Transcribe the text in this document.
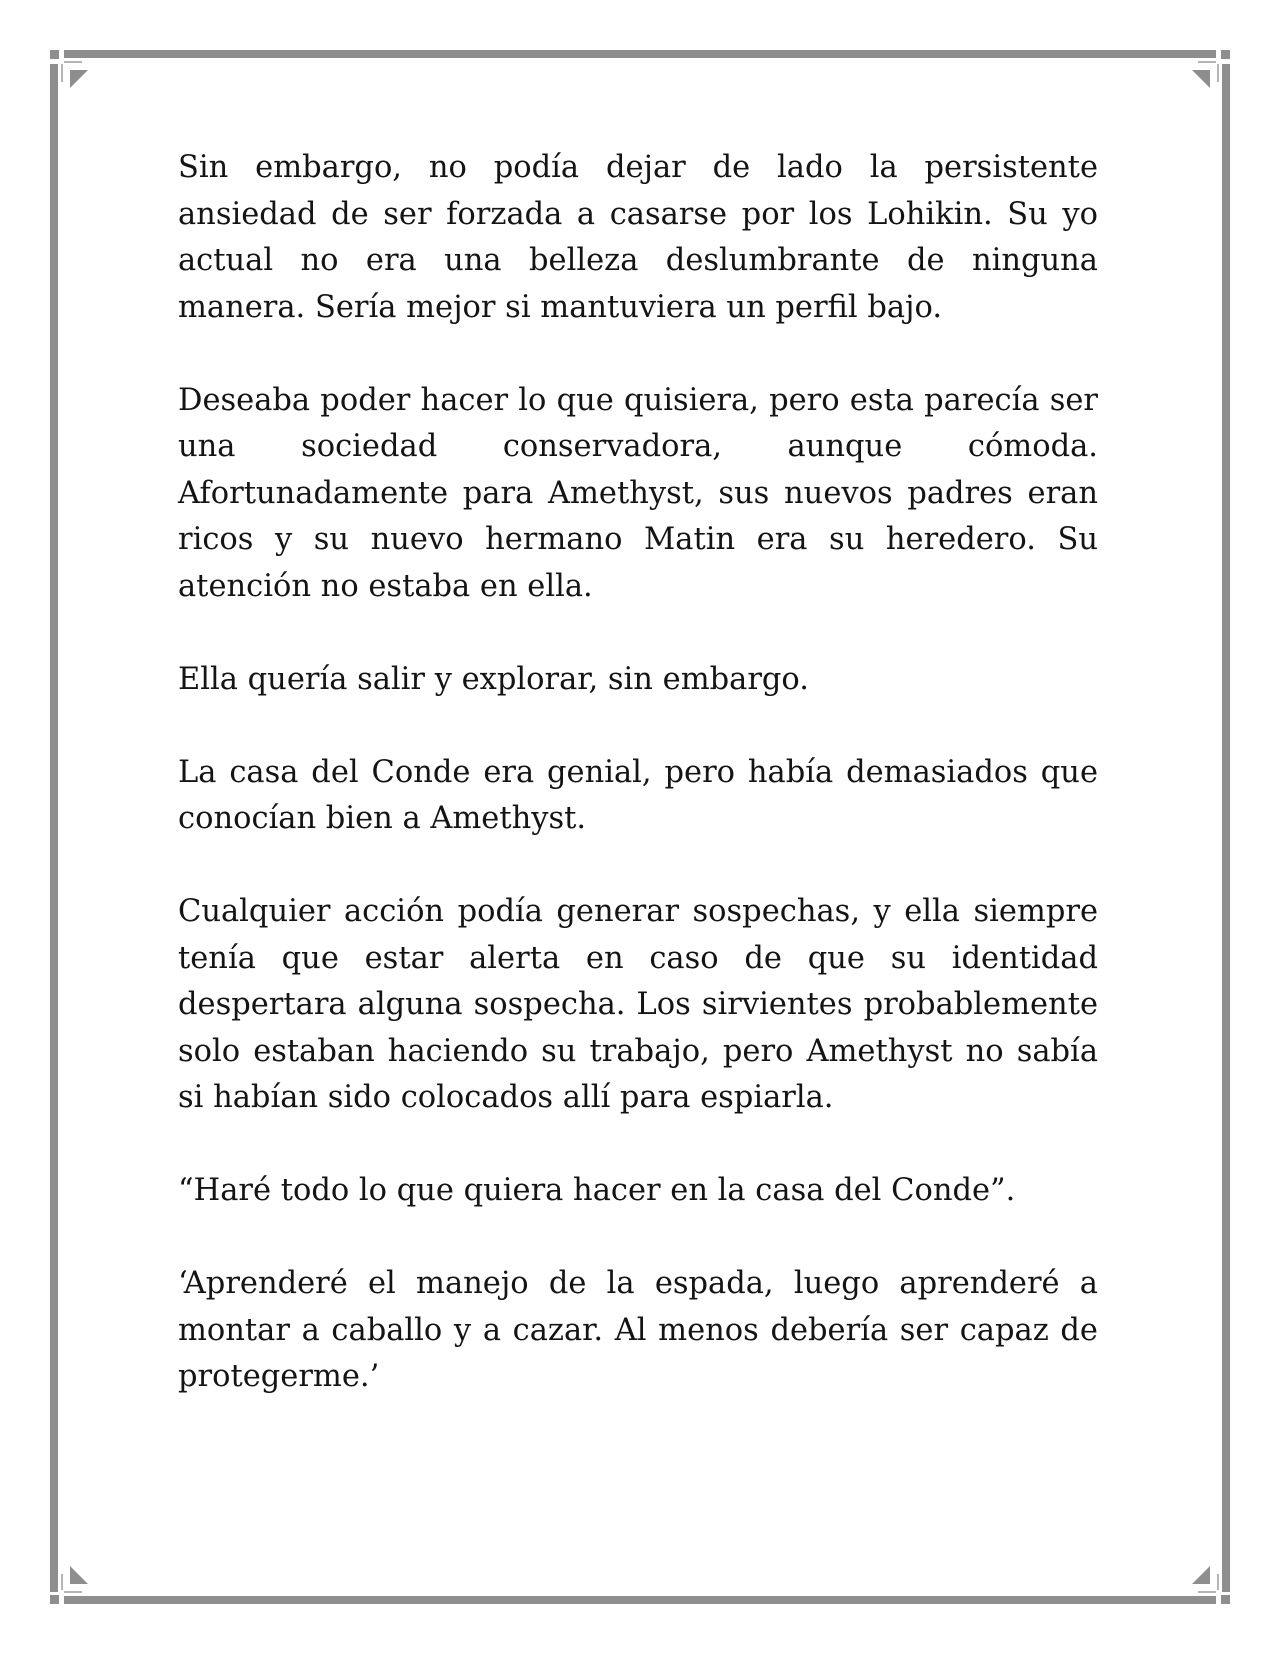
Sin embargo, no podía dejar de lado la persistente ansiedad de ser forzada a casarse por los Lohikin. Su yo actual no era una belleza deslumbrante de ninguna manera. Sería mejor si mantuviera un perfil bajo.

Deseaba poder hacer lo que quisiera, pero esta parecía ser una sociedad conservadora, aunque cómoda. Afortunadamente para Amethyst, sus nuevos padres eran ricos y su nuevo hermano Matin era su heredero. Su atención no estaba en ella.

Ella quería salir y explorar, sin embargo.

La casa del Conde era genial, pero había demasiados que conocían bien a Amethyst.

Cualquier acción podía generar sospechas, y ella siempre tenía que estar alerta en caso de que su identidad despertara alguna sospecha. Los sirvientes probablemente solo estaban haciendo su trabajo, pero Amethyst no sabía si habían sido colocados allí para espiarla.

“Haré todo lo que quiera hacer en la casa del Conde”.

‘Aprenderé el manejo de la espada, luego aprenderé a montar a caballo y a cazar. Al menos debería ser capaz de protegerme.’
